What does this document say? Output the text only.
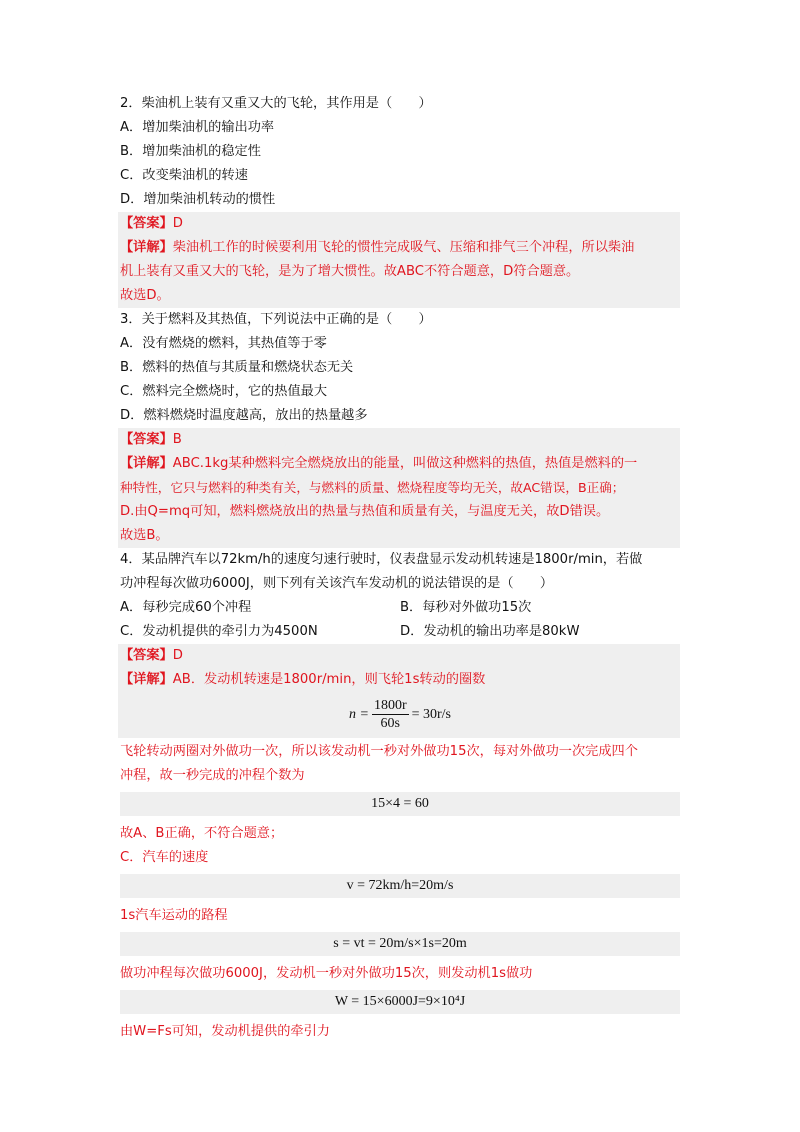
2．柴油机上装有又重又大的飞轮，其作用是（　　）
A．增加柴油机的输出功率
B．增加柴油机的稳定性
C．改变柴油机的转速
D．增加柴油机转动的惯性
【答案】D
【详解】柴油机工作的时候要利用飞轮的惯性完成吸气、压缩和排气三个冲程，所以柴油
机上装有又重又大的飞轮，是为了增大惯性。故ABC不符合题意，D符合题意。
故选D。
3．关于燃料及其热值，下列说法中正确的是（　　）
A．没有燃烧的燃料，其热值等于零
B．燃料的热值与其质量和燃烧状态无关
C．燃料完全燃烧时，它的热值最大
D．燃料燃烧时温度越高，放出的热量越多
【答案】B
【详解】ABC.1kg某种燃料完全燃烧放出的能量，叫做这种燃料的热值，热值是燃料的一
种特性，它只与燃料的种类有关，与燃料的质量、燃烧程度等均无关，故AC错误，B正确；
D.由Q=mq可知，燃料燃烧放出的热量与热值和质量有关，与温度无关，故D错误。
故选B。
4．某品牌汽车以72km/h的速度匀速行驶时，仪表盘显示发动机转速是1800r/min，若做
功冲程每次做功6000J，则下列有关该汽车发动机的说法错误的是（　　）
A．每秒完成60个冲程	B．每秒对外做功15次
C．发动机提供的牵引力为4500N	D．发动机的输出功率是80kW
【答案】D
【详解】AB．发动机转速是1800r/min，则飞轮1s转动的圈数
$n = \frac{1800r}{60s} = 30r/s$
飞轮转动两圈对外做功一次，所以该发动机一秒对外做功15次，每对外做功一次完成四个
冲程，故一秒完成的冲程个数为
15×4 = 60
故A、B正确，不符合题意；
C．汽车的速度
v = 72km/h=20m/s
1s汽车运动的路程
s = vt = 20m/s×1s=20m
做功冲程每次做功6000J，发动机一秒对外做功15次，则发动机1s做功
W = 15×6000J=9×10⁴J
由W=Fs可知，发动机提供的牵引力
